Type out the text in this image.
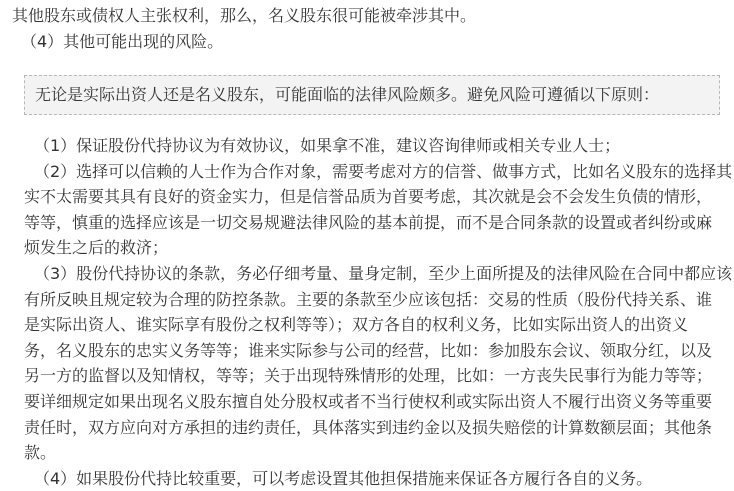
其他股东或债权人主张权利，那么，名义股东很可能被牵涉其中。

（4）其他可能出现的风险。

无论是实际出资人还是名义股东，可能面临的法律风险颇多。避免风险可遵循以下原则：

（1）保证股份代持协议为有效协议，如果拿不准，建议咨询律师或相关专业人士；

（2）选择可以信赖的人士作为合作对象，需要考虑对方的信誉、做事方式，比如名义股东的选择其

实不太需要其具有良好的资金实力，但是信誉品质为首要考虑，其次就是会不会发生负债的情形，

等等，慎重的选择应该是一切交易规避法律风险的基本前提，而不是合同条款的设置或者纠纷或麻

烦发生之后的救济；

（3）股份代持协议的条款，务必仔细考量、量身定制，至少上面所提及的法律风险在合同中都应该

有所反映且规定较为合理的防控条款。主要的条款至少应该包括：交易的性质（股份代持关系、谁

是实际出资人、谁实际享有股份之权利等等）；双方各自的权利义务，比如实际出资人的出资义

务，名义股东的忠实义务等等；谁来实际参与公司的经营，比如：参加股东会议、领取分红，以及

另一方的监督以及知情权，等等；关于出现特殊情形的处理，比如：一方丧失民事行为能力等等；

要详细规定如果出现名义股东擅自处分股权或者不当行使权利或实际出资人不履行出资义务等重要

责任时，双方应向对方承担的违约责任，具体落实到违约金以及损失赔偿的计算数额层面；其他条

款。

（4）如果股份代持比较重要，可以考虑设置其他担保措施来保证各方履行各自的义务。
